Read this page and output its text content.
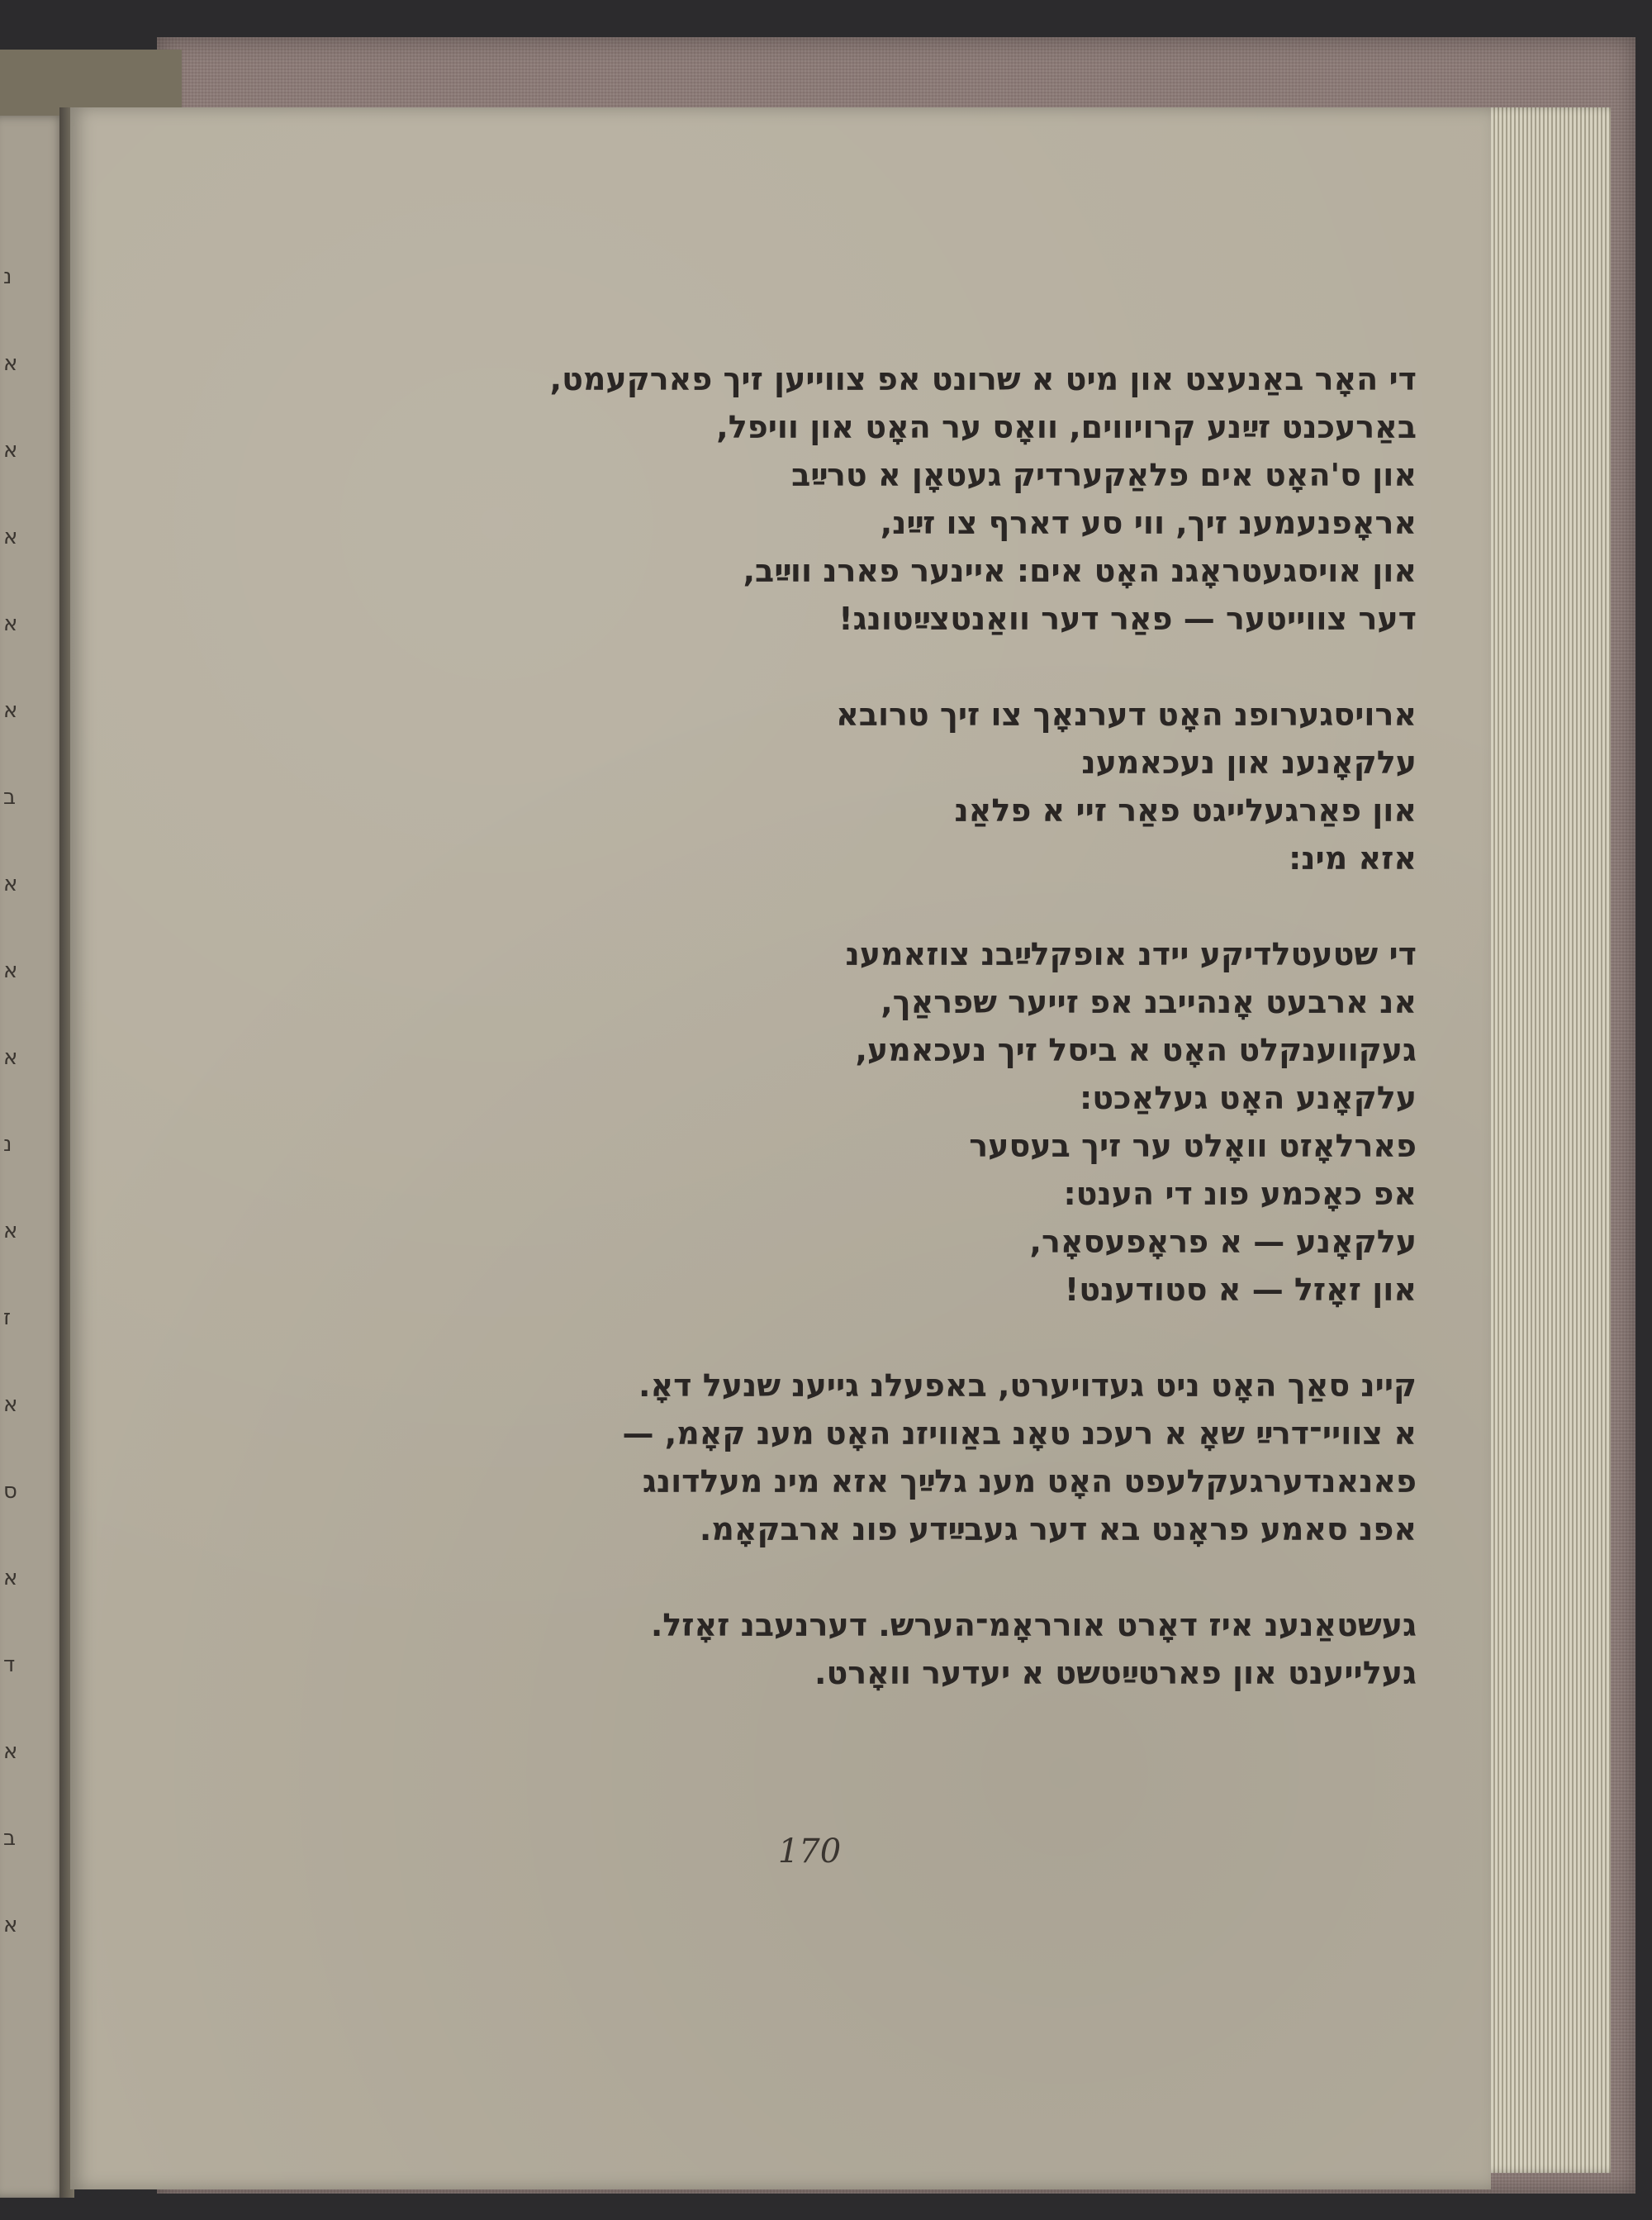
נ
א
א
א
א
א
ב
א
א
א
נ
א
ז
א
ס
א
ד
א
ב
א
די האָר באַנעצט און מיט א שרונט אפ צווייען זיך פארקעמט,
באַרעכנט זײַנע קרויווים, וואָס ער האָט און וויפל,
און ס'האָט אים פלאַקערדיק געטאָן א טרײַב
אראָפנעמענ זיך, ווי סע דארף צו זײַנ,
און אויסגעטראָגנ האָט אים: איינער פארנ ווײַב,
דער צווייטער — פאַר דער וואַנטצײַטונג!
ארויסגערופנ האָט דערנאָך צו זיך טרובא
עלקאָנענ און נעכאמענ
און פאַרגעלייגט פאַר זיי א פלאַנ
אזא מינ:
די שטעטלדיקע יידנ אופקלײַבנ צוזאמענ
אנ ארבעט אָנהייבנ אפ זייער שפראַך,
געקווענקלט האָט א ביסל זיך נעכאמע,
עלקאָנע האָט געלאַכט:
פארלאָזט וואָלט ער זיך בעסער
אפ כאָכמע פונ די הענט:
עלקאָנע — א פראָפעסאָר,
און זאָזל — א סטודענט!
קיינ סאַך האָט ניט געדויערט, באפעלנ גייענ שנעל דאָ.
א צוויי־דרײַ שאָ א רעכנ טאָנ באַוויזנ האָט מענ קאָמ, —
פאנאנדערגעקלעפט האָט מענ גלײַך אזא מינ מעלדונג
אפנ סאמע פראָנט בא דער געבײַדע פונ ארבקאָמ.
געשטאַנענ איז דאָרט אורראָמ־הערש. דערנעבנ זאָזל.
געלייענט און פארטײַטשט א יעדער וואָרט.
170
